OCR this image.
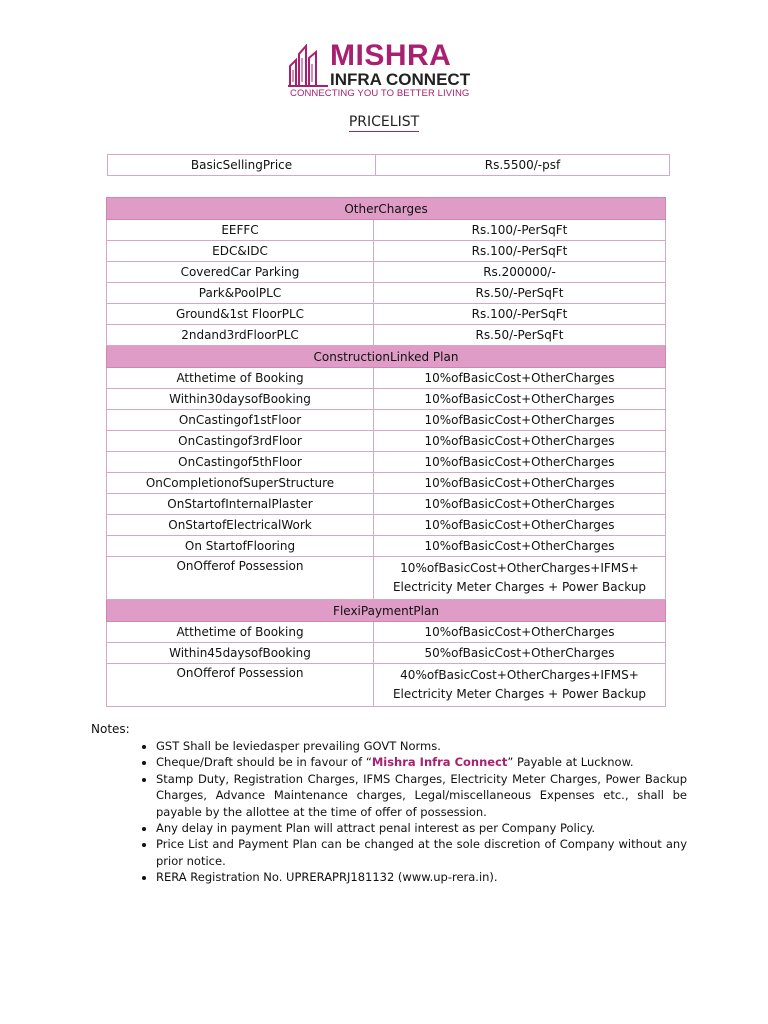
MISHRA
INFRA CONNECT
CONNECTING YOU TO BETTER LIVING
PRICELIST
BasicSellingPrice	Rs.5500/-psf
OtherCharges	
EEFFC	Rs.100/-PerSqFt
EDC&IDC	Rs.100/-PerSqFt
CoveredCar Parking	Rs.200000/-
Park&PoolPLC	Rs.50/-PerSqFt
Ground&1st FloorPLC	Rs.100/-PerSqFt
2ndand3rdFloorPLC	Rs.50/-PerSqFt
ConstructionLinked Plan	
Atthetime of Booking	10%ofBasicCost+OtherCharges
Within30daysofBooking	10%ofBasicCost+OtherCharges
OnCastingof1stFloor	10%ofBasicCost+OtherCharges
OnCastingof3rdFloor	10%ofBasicCost+OtherCharges
OnCastingof5thFloor	10%ofBasicCost+OtherCharges
OnCompletionofSuperStructure	10%ofBasicCost+OtherCharges
OnStartofInternalPlaster	10%ofBasicCost+OtherCharges
OnStartofElectricalWork	10%ofBasicCost+OtherCharges
On StartofFlooring	10%ofBasicCost+OtherCharges
OnOfferof Possession	10%ofBasicCost+OtherCharges+IFMS+
Electricity Meter Charges + Power Backup

FlexiPaymentPlan	
Atthetime of Booking	10%ofBasicCost+OtherCharges
Within45daysofBooking	50%ofBasicCost+OtherCharges
OnOfferof Possession	40%ofBasicCost+OtherCharges+IFMS+
Electricity Meter Charges + Power Backup
Notes:
• GST Shall be leviedasper prevailing GOVT Norms.
• Cheque/Draft should be in favour of “Mishra Infra Connect” Payable at Lucknow.
• Stamp Duty, Registration Charges, IFMS Charges, Electricity Meter Charges, Power Backup Charges, Advance Maintenance charges, Legal/miscellaneous Expenses etc., shall be payable by the allottee at the time of offer of possession.
• Any delay in payment Plan will attract penal interest as per Company Policy.
• Price List and Payment Plan can be changed at the sole discretion of Company without any prior notice.
• RERA Registration No. UPRERAPRJ181132 (www.up-rera.in).
